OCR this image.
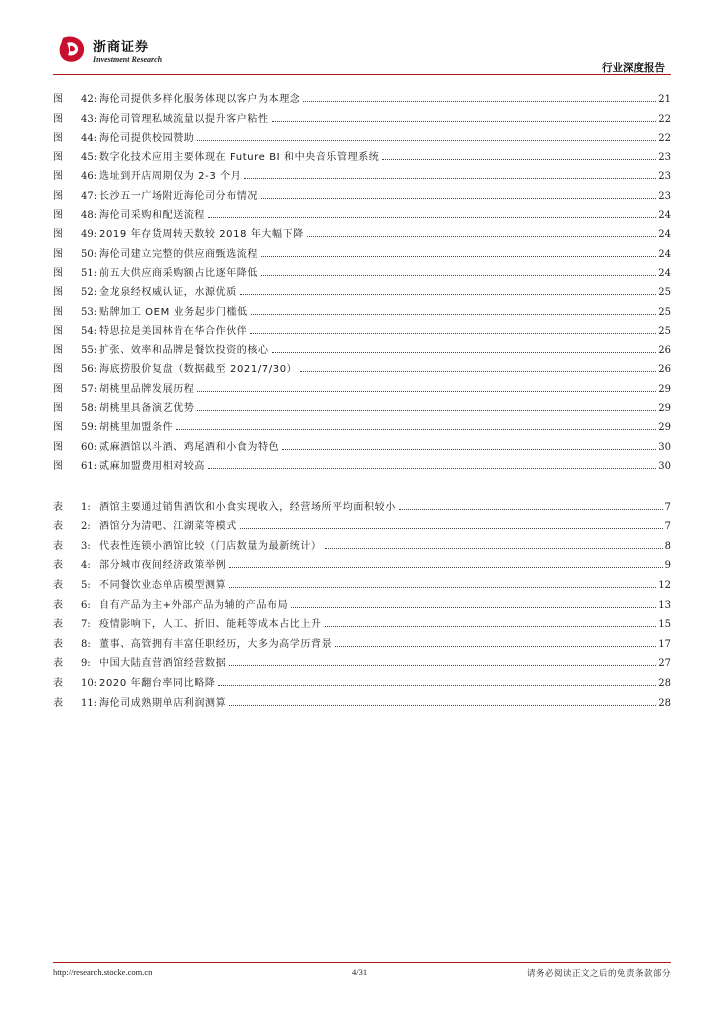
浙商证券
Investment Research
行业深度报告
图	42: 海伦司提供多样化服务体现以客户为本理念	21
图	43: 海伦司管理私域流量以提升客户粘性	22
图	44: 海伦司提供校园赞助	22
图	45: 数字化技术应用主要体现在 Future BI 和中央音乐管理系统	23
图	46: 选址到开店周期仅为 2-3 个月	23
图	47: 长沙五一广场附近海伦司分布情况	23
图	48: 海伦司采购和配送流程	24
图	49: 2019 年存货周转天数较 2018 年大幅下降	24
图	50: 海伦司建立完整的供应商甄选流程	24
图	51: 前五大供应商采购额占比逐年降低	24
图	52: 金龙泉经权威认证，水源优质	25
图	53: 贴牌加工 OEM 业务起步门槛低	25
图	54: 特思拉是美国林肯在华合作伙伴	25
图	55: 扩张、效率和品牌是餐饮投资的核心	26
图	56: 海底捞股价复盘（数据截至 2021/7/30）	26
图	57: 胡桃里品牌发展历程	29
图	58: 胡桃里具备演艺优势	29
图	59: 胡桃里加盟条件	29
图	60: 贰麻酒馆以斗酒、鸡尾酒和小食为特色	30
图	61: 贰麻加盟费用相对较高	30
表	1: 酒馆主要通过销售酒饮和小食实现收入，经营场所平均面积较小	7
表	2: 酒馆分为清吧、江湖菜等模式	7
表	3: 代表性连锁小酒馆比较（门店数量为最新统计）	8
表	4: 部分城市夜间经济政策举例	9
表	5: 不同餐饮业态单店模型测算	12
表	6: 自有产品为主+外部产品为辅的产品布局	13
表	7: 疫情影响下，人工、折旧、能耗等成本占比上升	15
表	8: 董事、高管拥有丰富任职经历，大多为高学历背景	17
表	9: 中国大陆直营酒馆经营数据	27
表	10: 2020 年翻台率同比略降	28
表	11: 海伦司成熟期单店利润测算	28
http://research.stocke.com.cn	4/31	请务必阅读正文之后的免责条款部分
